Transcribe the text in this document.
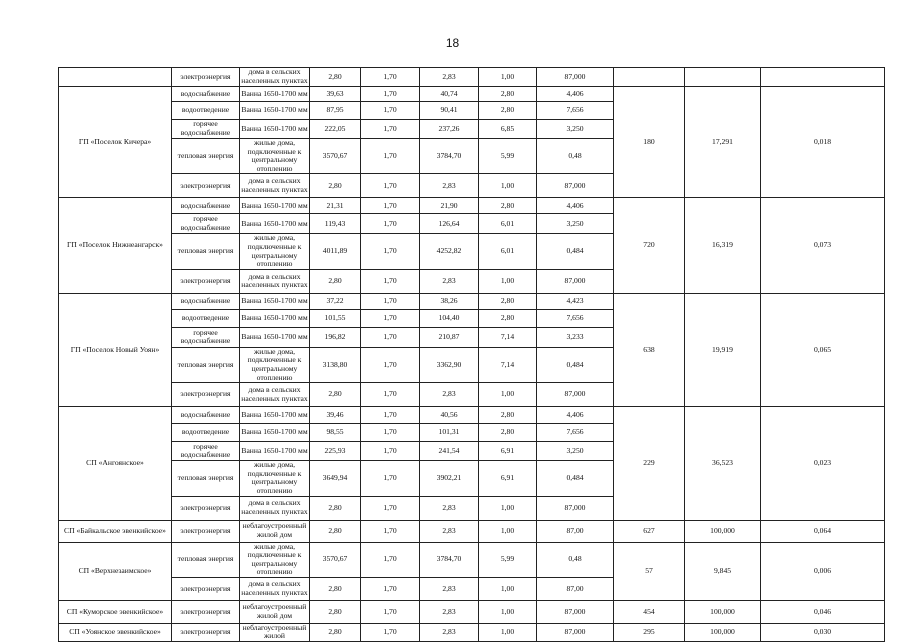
18
	электроэнергия	дома в сельских населенных пунктах	2,80	1,70	2,83	1,00	87,000			
ГП «Поселок Кичера»	водоснабжение	Ванна 1650-1700 мм	39,63	1,70	40,74	2,80	4,406	180	17,291	0,018
	водоотведение	Ванна 1650-1700 мм	87,95	1,70	90,41	2,80	7,656			
	горячее водоснабжение	Ванна 1650-1700 мм	222,05	1,70	237,26	6,85	3,250			
	тепловая энергия	жилые дома, подключенные к центральному отоплению	3570,67	1,70	3784,70	5,99	0,48			
	электроэнергия	дома в сельских населенных пунктах	2,80	1,70	2,83	1,00	87,000			
ГП «Поселок Нижнеангарск»	водоснабжение	Ванна 1650-1700 мм	21,31	1,70	21,90	2,80	4,406	720	16,319	0,073
	горячее водоснабжение	Ванна 1650-1700 мм	119,43	1,70	126,64	6,01	3,250			
	тепловая энергия	жилые дома, подключенные к центральному отоплению	4011,89	1,70	4252,82	6,01	0,484			
	электроэнергия	дома в сельских населенных пунктах	2,80	1,70	2,83	1,00	87,000			
ГП «Поселок Новый Уоян»	водоснабжение	Ванна 1650-1700 мм	37,22	1,70	38,26	2,80	4,423	638	19,919	0,065
	водоотведение	Ванна 1650-1700 мм	101,55	1,70	104,40	2,80	7,656			
	горячее водоснабжение	Ванна 1650-1700 мм	196,82	1,70	210,87	7,14	3,233			
	тепловая энергия	жилые дома, подключенные к центральному отоплению	3138,80	1,70	3362,90	7,14	0,484			
	электроэнергия	дома в сельских населенных пунктах	2,80	1,70	2,83	1,00	87,000			
СП «Ангоянское»	водоснабжение	Ванна 1650-1700 мм	39,46	1,70	40,56	2,80	4,406	229	36,523	0,023
	водоотведение	Ванна 1650-1700 мм	98,55	1,70	101,31	2,80	7,656			
	горячее водоснабжение	Ванна 1650-1700 мм	225,93	1,70	241,54	6,91	3,250			
	тепловая энергия	жилые дома, подключенные к центральному отоплению	3649,94	1,70	3902,21	6,91	0,484			
	электроэнергия	дома в сельских населенных пунктах	2,80	1,70	2,83	1,00	87,000			
СП «Байкальское эвенкийское»	электроэнергия	неблагоустроенный жилой дом	2,80	1,70	2,83	1,00	87,00	627	100,000	0,064
СП «Верхнезаимское»	тепловая энергия	жилые дома, подключенные к центральному отоплению	3570,67	1,70	3784,70	5,99	0,48	57	9,845	0,006
	электроэнергия	дома в сельских населенных пунктах	2,80	1,70	2,83	1,00	87,00			
СП «Куморское эвенкийское»	электроэнергия	неблагоустроенный жилой дом	2,80	1,70	2,83	1,00	87,000	454	100,000	0,046
СП «Уоянское эвенкийское»	электроэнергия	неблагоустроенный жилой	2,80	1,70	2,83	1,00	87,000	295	100,000	0,030
